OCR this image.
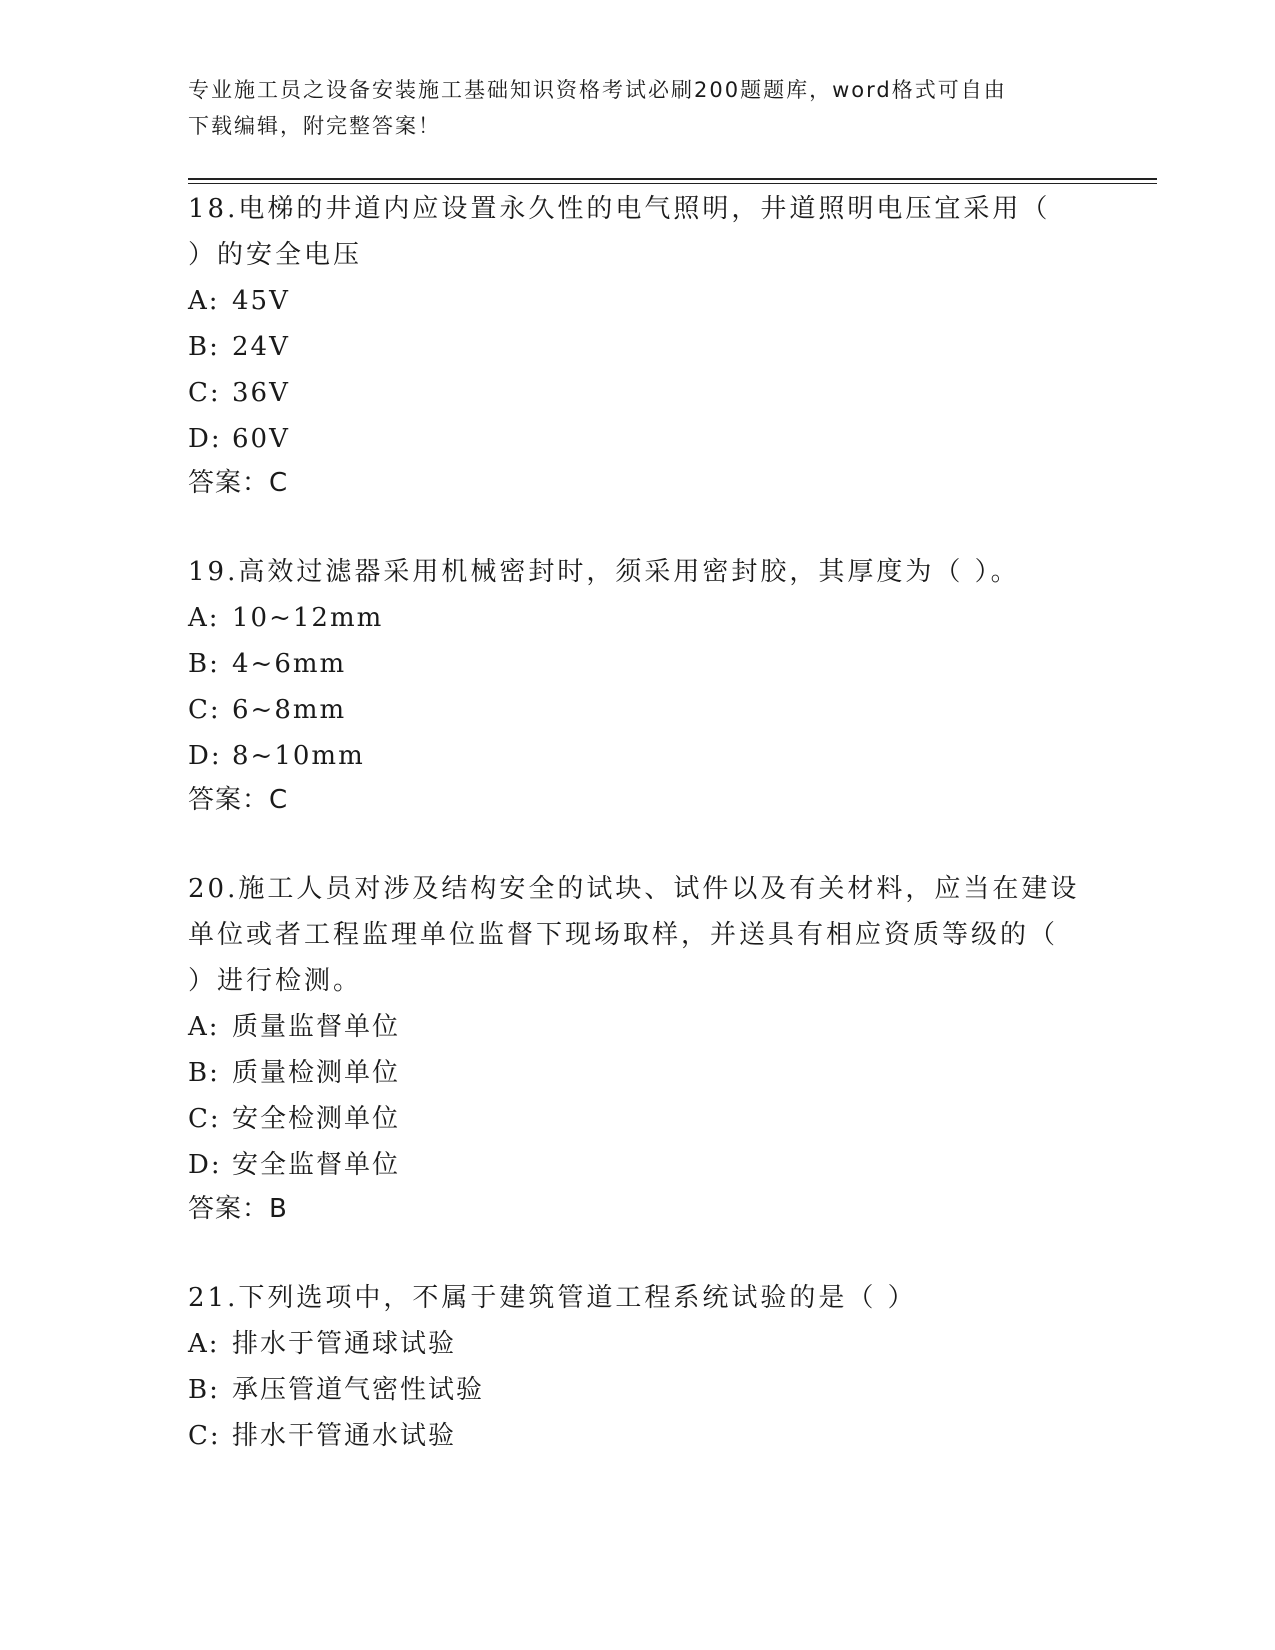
专业施工员之设备安装施工基础知识资格考试必刷200题题库，word格式可自由
下载编辑，附完整答案！

18.电梯的井道内应设置永久性的电气照明，井道照明电压宜采用（

）的安全电压

A: 45V

B: 24V

C: 36V

D: 60V

答案：C

19.高效过滤器采用机械密封时，须采用密封胶，其厚度为（ ）。

A: 10~12mm

B: 4~6mm

C: 6~8mm

D: 8~10mm

答案：C

20.施工人员对涉及结构安全的试块、试件以及有关材料，应当在建设

单位或者工程监理单位监督下现场取样，并送具有相应资质等级的（

）进行检测。

A: 质量监督单位

B: 质量检测单位

C: 安全检测单位

D: 安全监督单位

答案：B

21.下列选项中，不属于建筑管道工程系统试验的是（ ）

A: 排水于管通球试验

B: 承压管道气密性试验

C: 排水干管通水试验
